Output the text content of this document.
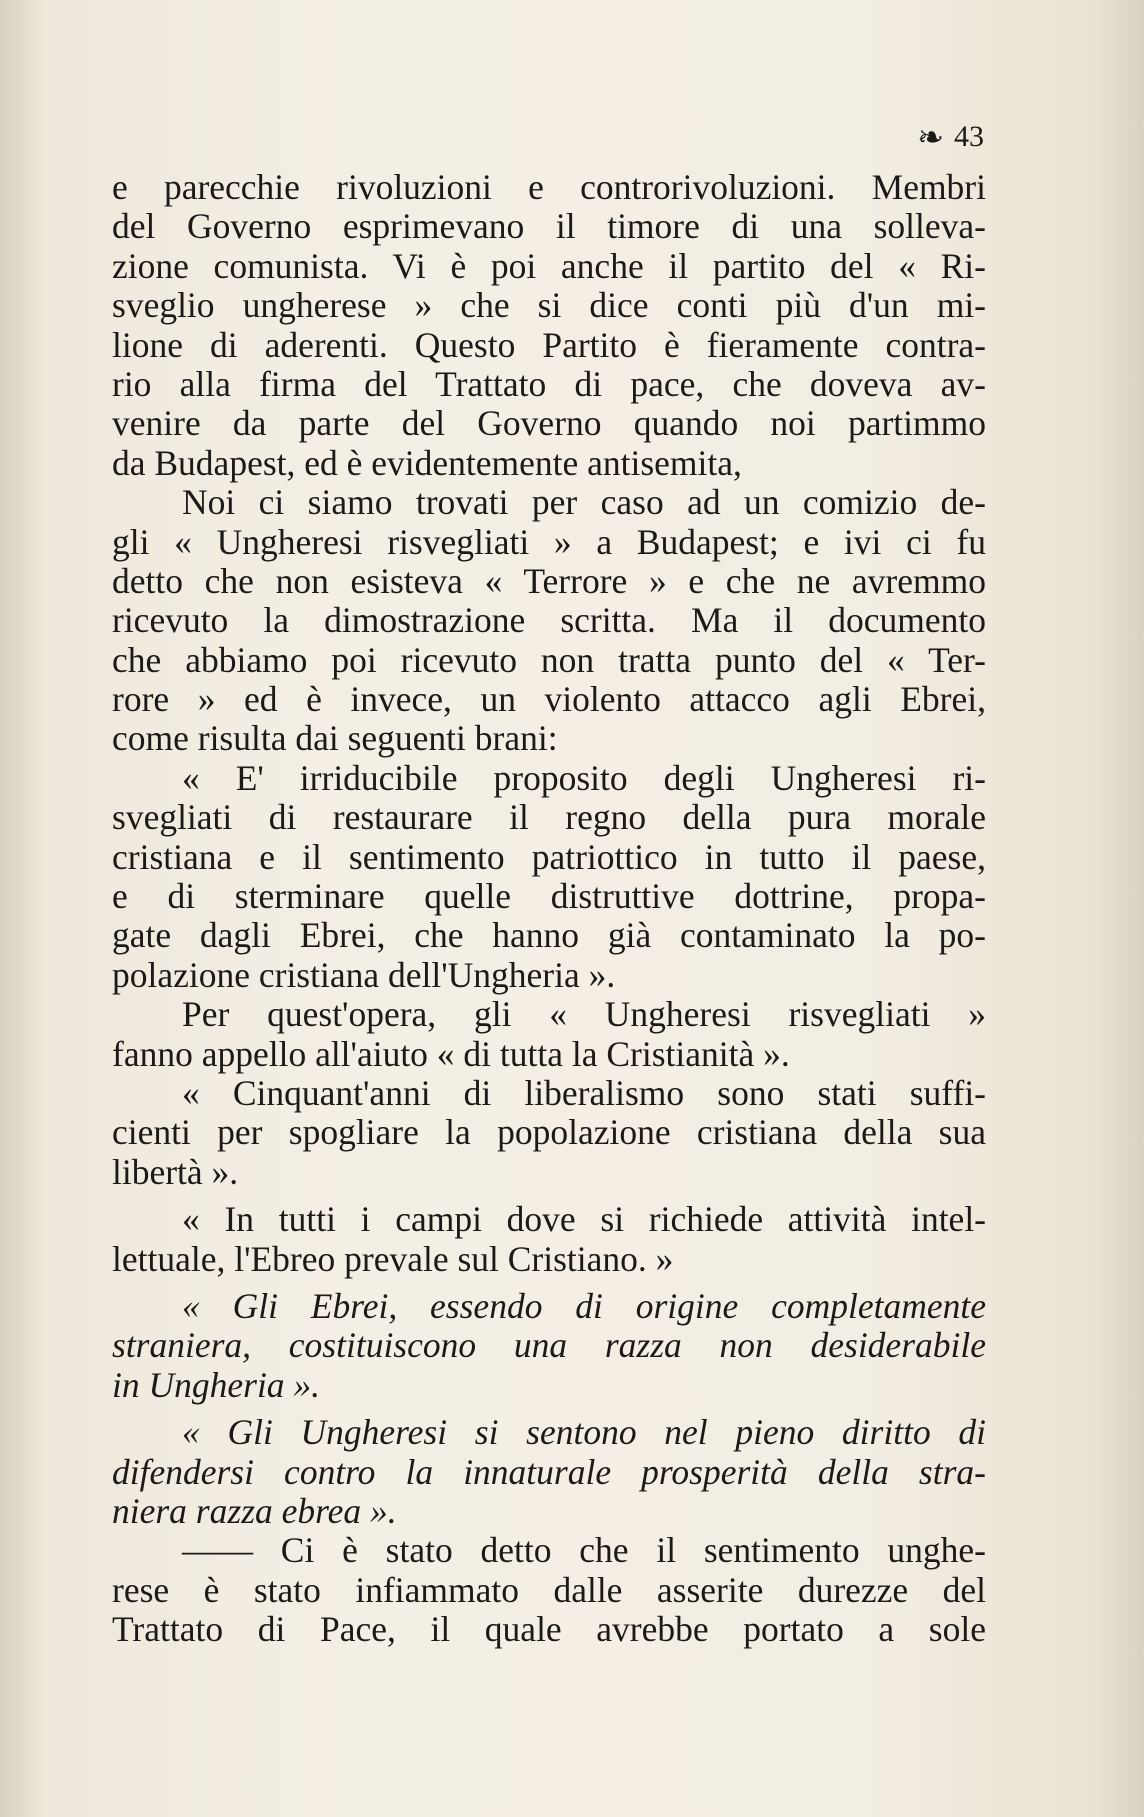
❧ 43
e parecchie rivoluzioni e controrivoluzioni. Membri
del Governo esprimevano il timore di una solleva-
zione comunista. Vi è poi anche il partito del « Ri-
sveglio ungherese » che si dice conti più d'un mi-
lione di aderenti. Questo Partito è fieramente contra-
rio alla firma del Trattato di pace, che doveva av-
venire da parte del Governo quando noi partimmo
da Budapest, ed è evidentemente antisemita,
Noi ci siamo trovati per caso ad un comizio de-
gli « Ungheresi risvegliati » a Budapest; e ivi ci fu
detto che non esisteva « Terrore » e che ne avremmo
ricevuto la dimostrazione scritta. Ma il documento
che abbiamo poi ricevuto non tratta punto del « Ter-
rore » ed è invece, un violento attacco agli Ebrei,
come risulta dai seguenti brani:
« E' irriducibile proposito degli Ungheresi ri-
svegliati di restaurare il regno della pura morale
cristiana e il sentimento patriottico in tutto il paese,
e di sterminare quelle distruttive dottrine, propa-
gate dagli Ebrei, che hanno già contaminato la po-
polazione cristiana dell'Ungheria ».
Per quest'opera, gli « Ungheresi risvegliati »
fanno appello all'aiuto « di tutta la Cristianità ».
« Cinquant'anni di liberalismo sono stati suffi-
cienti per spogliare la popolazione cristiana della sua
libertà ».
« In tutti i campi dove si richiede attività intel-
lettuale, l'Ebreo prevale sul Cristiano. »
« Gli Ebrei, essendo di origine completamente
straniera, costituiscono una razza non desiderabile
in Ungheria ».
« Gli Ungheresi si sentono nel pieno diritto di
difendersi contro la innaturale prosperità della stra-
niera razza ebrea ».
—— Ci è stato detto che il sentimento unghe-
rese è stato infiammato dalle asserite durezze del
Trattato di Pace, il quale avrebbe portato a sole
